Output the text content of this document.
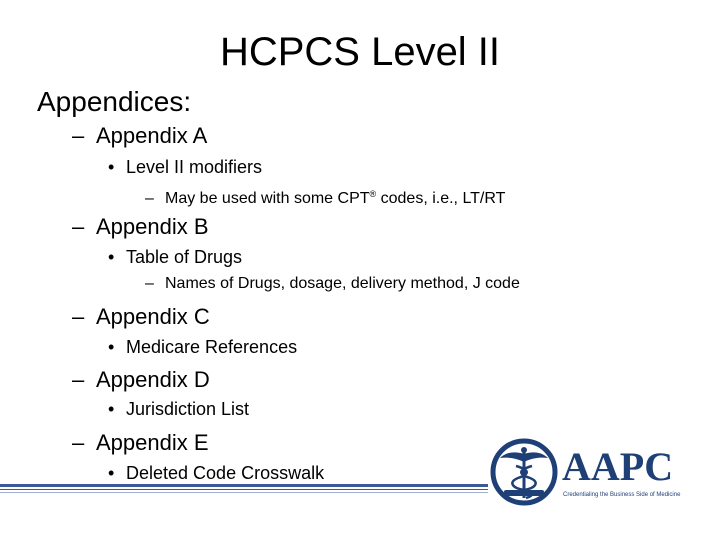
HCPCS Level II
Appendices:
– Appendix A
• Level II modifiers
– May be used with some CPT® codes, i.e., LT/RT
– Appendix B
• Table of Drugs
– Names of Drugs, dosage, delivery method, J code
– Appendix C
• Medicare References
– Appendix D
• Jurisdiction List
– Appendix E
• Deleted Code Crosswalk	AAPC
Credentialing the Business Side of Medicine
